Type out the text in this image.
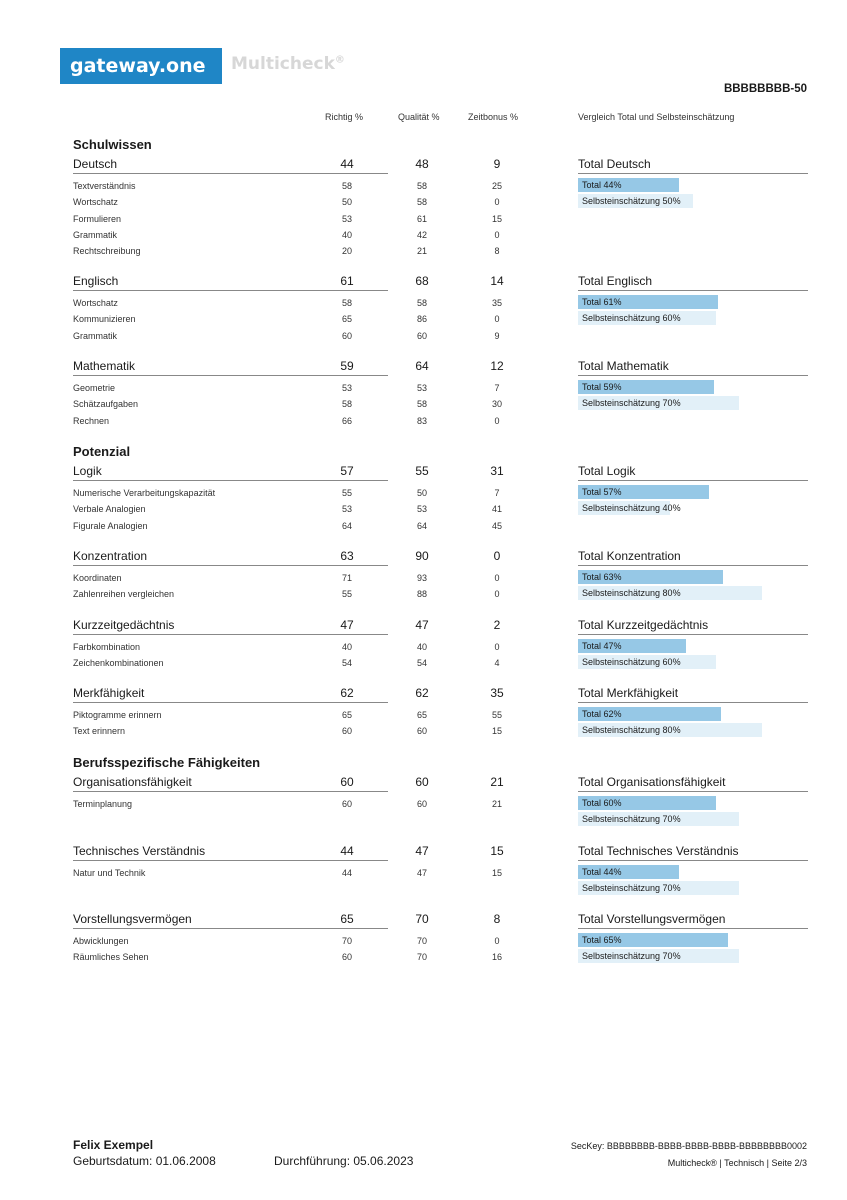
gateway.one	Multicheck®
BBBBBBBB-50
Richtig %	Qualität %	Zeitbonus %	Vergleich Total und Selbsteinschätzung
Schulwissen
Deutsch	44	48	9
Textverständnis	58	58	25
Wortschatz	50	58	0
Formulieren	53	61	15
Grammatik	40	42	0
Rechtschreibung	20	21	8
Total Deutsch
Total 44%
Selbsteinschätzung 50%
Englisch	61	68	14
Wortschatz	58	58	35
Kommunizieren	65	86	0
Grammatik	60	60	9
Total Englisch
Total 61%
Selbsteinschätzung 60%
Mathematik	59	64	12
Geometrie	53	53	7
Schätzaufgaben	58	58	30
Rechnen	66	83	0
Total Mathematik
Total 59%
Selbsteinschätzung 70%
Potenzial
Logik	57	55	31
Numerische Verarbeitungskapazität	55	50	7
Verbale Analogien	53	53	41
Figurale Analogien	64	64	45
Total Logik
Total 57%
Selbsteinschätzung 40%
Konzentration	63	90	0
Koordinaten	71	93	0
Zahlenreihen vergleichen	55	88	0
Total Konzentration
Total 63%
Selbsteinschätzung 80%
Kurzzeitgedächtnis	47	47	2
Farbkombination	40	40	0
Zeichenkombinationen	54	54	4
Total Kurzzeitgedächtnis
Total 47%
Selbsteinschätzung 60%
Merkfähigkeit	62	62	35
Piktogramme erinnern	65	65	55
Text erinnern	60	60	15
Total Merkfähigkeit
Total 62%
Selbsteinschätzung 80%
Berufsspezifische Fähigkeiten
Organisationsfähigkeit	60	60	21
Terminplanung	60	60	21
Total Organisationsfähigkeit
Total 60%
Selbsteinschätzung 70%
Technisches Verständnis	44	47	15
Natur und Technik	44	47	15
Total Technisches Verständnis
Total 44%
Selbsteinschätzung 70%
Vorstellungsvermögen	65	70	8
Abwicklungen	70	70	0
Räumliches Sehen	60	70	16
Total Vorstellungsvermögen
Total 65%
Selbsteinschätzung 70%
Felix Exempel
Geburtsdatum: 01.06.2008	Durchführung: 05.06.2023
SecKey: BBBBBBBB-BBBB-BBBB-BBBB-BBBBBBBB0002
Multicheck® | Technisch | Seite 2/3
